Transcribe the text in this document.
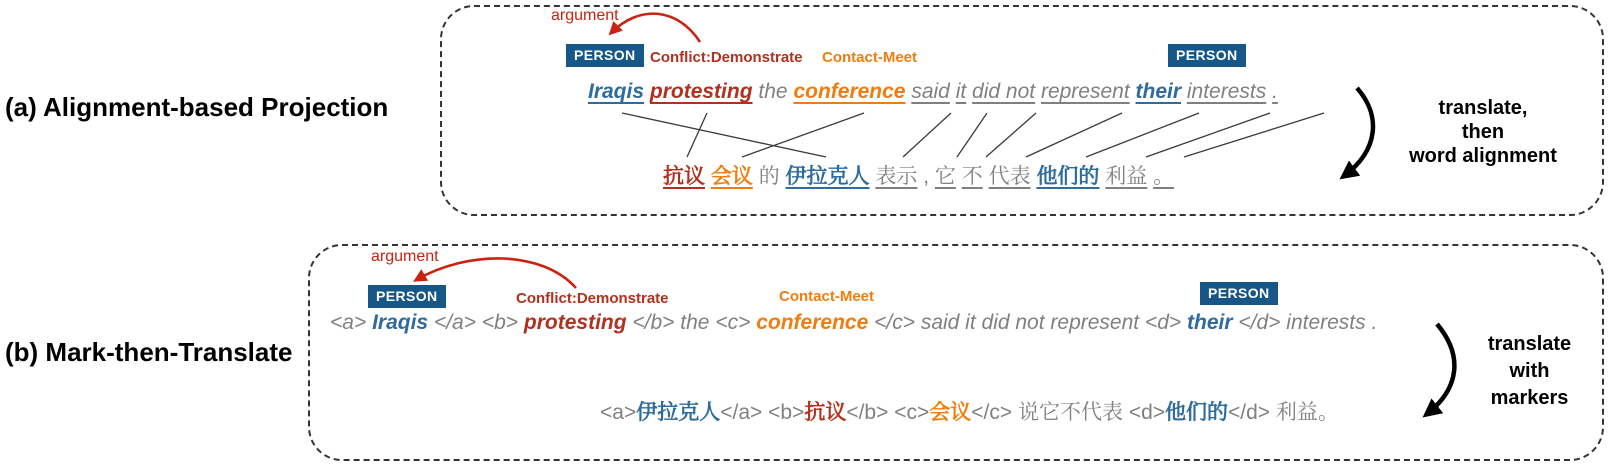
(a) Alignment-based Projection
(b) Mark-then-Translate
argument
PERSON Conflict:Demonstrate Contact-Meet	PERSON
Iraqis protesting the conference said it did not represent their interests .
抗议 会议 的 伊拉克人 表示 , 它 不 代表 他们的 利益 。
translate,
then
word alignment
argument
PERSON	Conflict:Demonstrate	Contact-Meet	PERSON
<a> Iraqis </a> <b> protesting </b> the <c> conference </c> said it did not represent <d> their </d> interests .
<a>伊拉克人</a> <b>抗议</b> <c>会议</c> 说它不代表 <d>他们的</d> 利益。
translate
with
markers
